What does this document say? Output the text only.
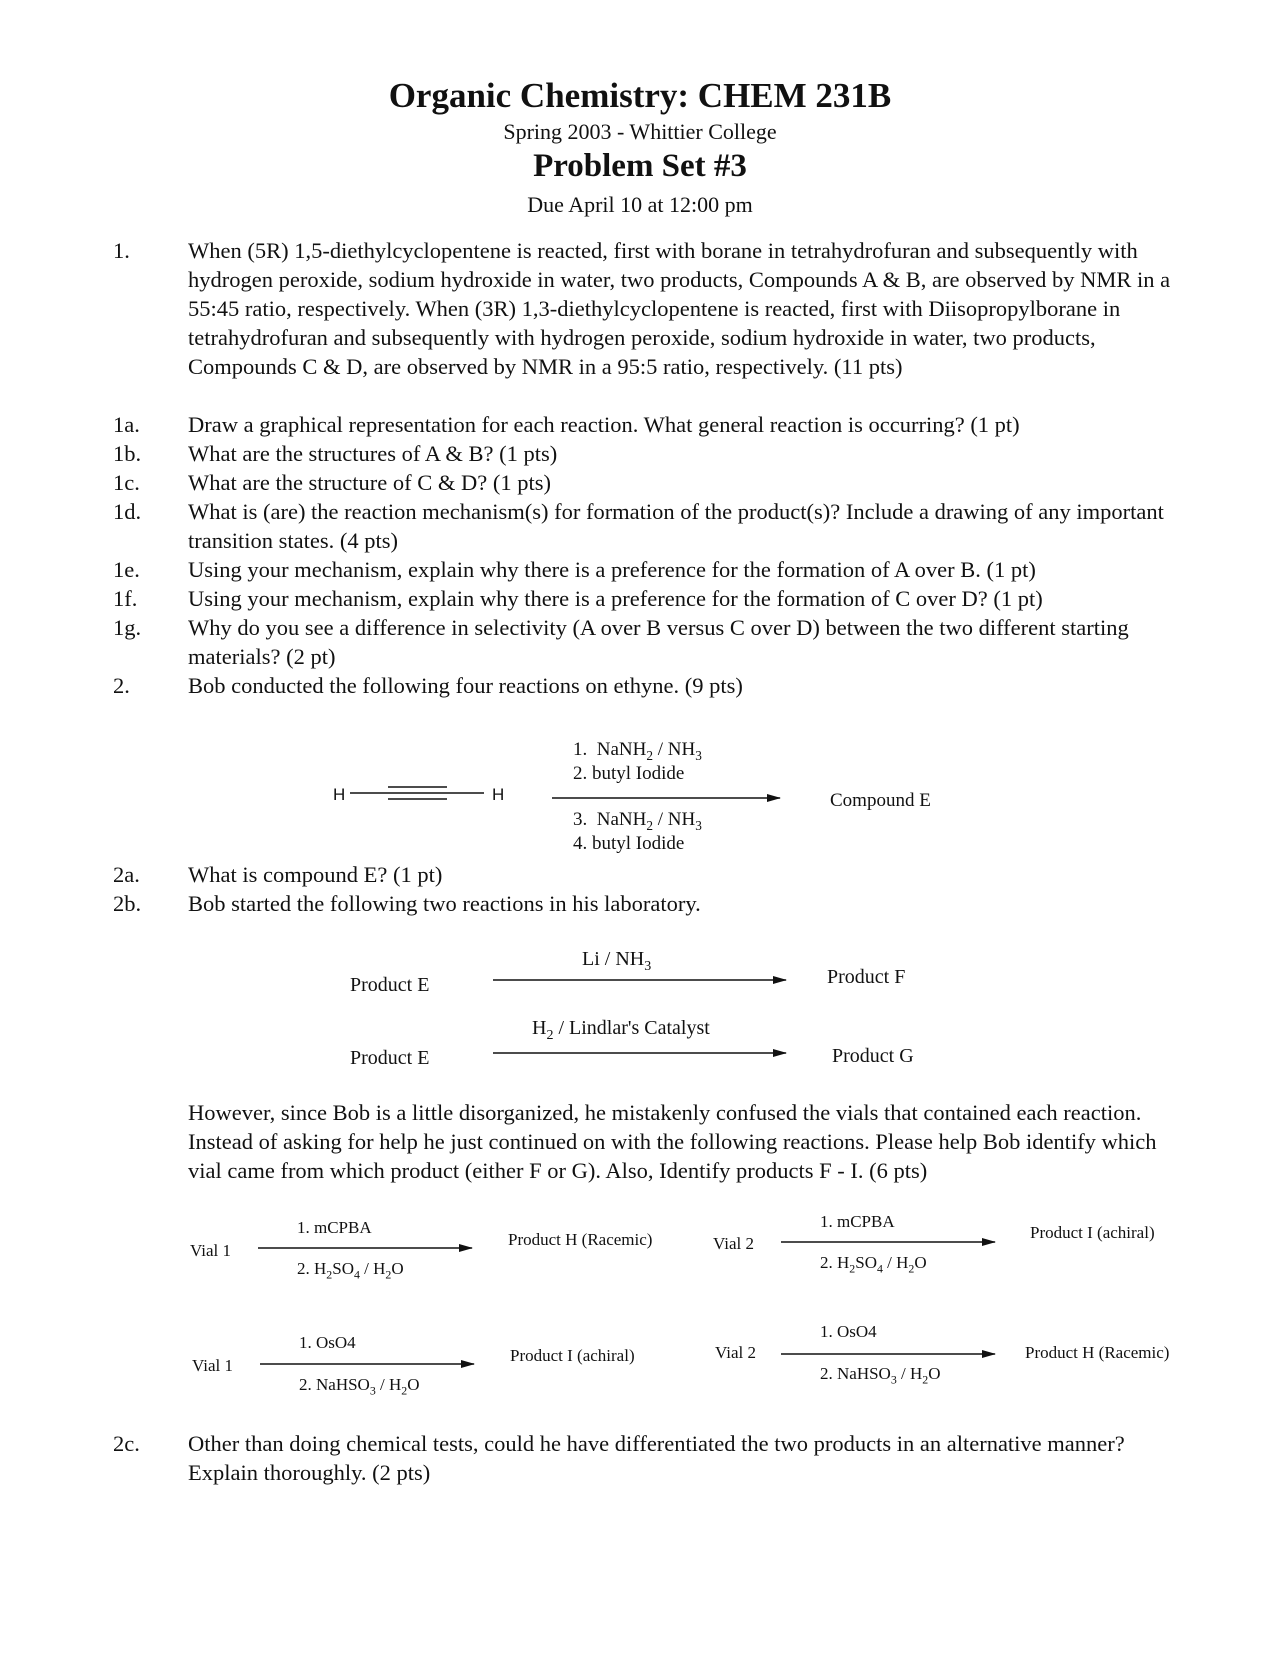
Organic Chemistry: CHEM 231B
Spring 2003 - Whittier College
Problem Set #3
Due April 10 at 12:00 pm
1.	When (5R) 1,5-diethylcyclopentene is reacted, first with borane in tetrahydrofuran and subsequently with hydrogen peroxide, sodium hydroxide in water, two products, Compounds A & B, are observed by NMR in a 55:45 ratio, respectively. When (3R) 1,3-diethylcyclopentene is reacted, first with Diisopropylborane in tetrahydrofuran and subsequently with hydrogen peroxide, sodium hydroxide in water, two products, Compounds C & D, are observed by NMR in a 95:5 ratio, respectively. (11 pts)
1a. Draw a graphical representation for each reaction. What general reaction is occurring? (1 pt)
1b. What are the structures of A & B? (1 pts)
1c. What are the structure of C & D? (1 pts)
1d. What is (are) the reaction mechanism(s) for formation of the product(s)? Include a drawing of any important transition states. (4 pts)
1e. Using your mechanism, explain why there is a preference for the formation of A over B. (1 pt)
1f. Using your mechanism, explain why there is a preference for the formation of C over D? (1 pt)
1g. Why do you see a difference in selectivity (A over B versus C over D) between the two different starting materials? (2 pt)
2.	Bob conducted the following four reactions on ethyne. (9 pts)
H	H
1. NaNH$_2$ / $NH_3$
2. butyl Iodide
3. NaNH$_2$ / $NH_3$
4. butyl Iodide
Compound E
2a. What is compound E? (1 pt)
2b. Bob started the following two reactions in his laboratory.
Product E
Li / $NH_3$	Product F
Product E
$H_2$ / Lindlar's Catalyst
Product G
However, since Bob is a little disorganized, he mistakenly confused the vials that contained each reaction. Instead of asking for help he just continued on with the following reactions. Please help Bob identify which vial came from which product (either F or G). Also, Identify products F - I. (6 pts)
Vial 1
1. mCPBA
2. $H_2SO_4 / H_2O$
Product H (Racemic)	Vial 2
1. mCPBA
2. $H_2SO_4 / H_2O$
Product I (achiral)
Vial 1
1. OsO4
2. NaHSO$_3$ / $H_2O$
Product I (achiral)	Vial 2
1. OsO4
2. NaHSO$_3$ / $H_2O$
Product H (Racemic)
2c. Other than doing chemical tests, could he have differentiated the two products in an alternative manner? Explain thoroughly. (2 pts)
